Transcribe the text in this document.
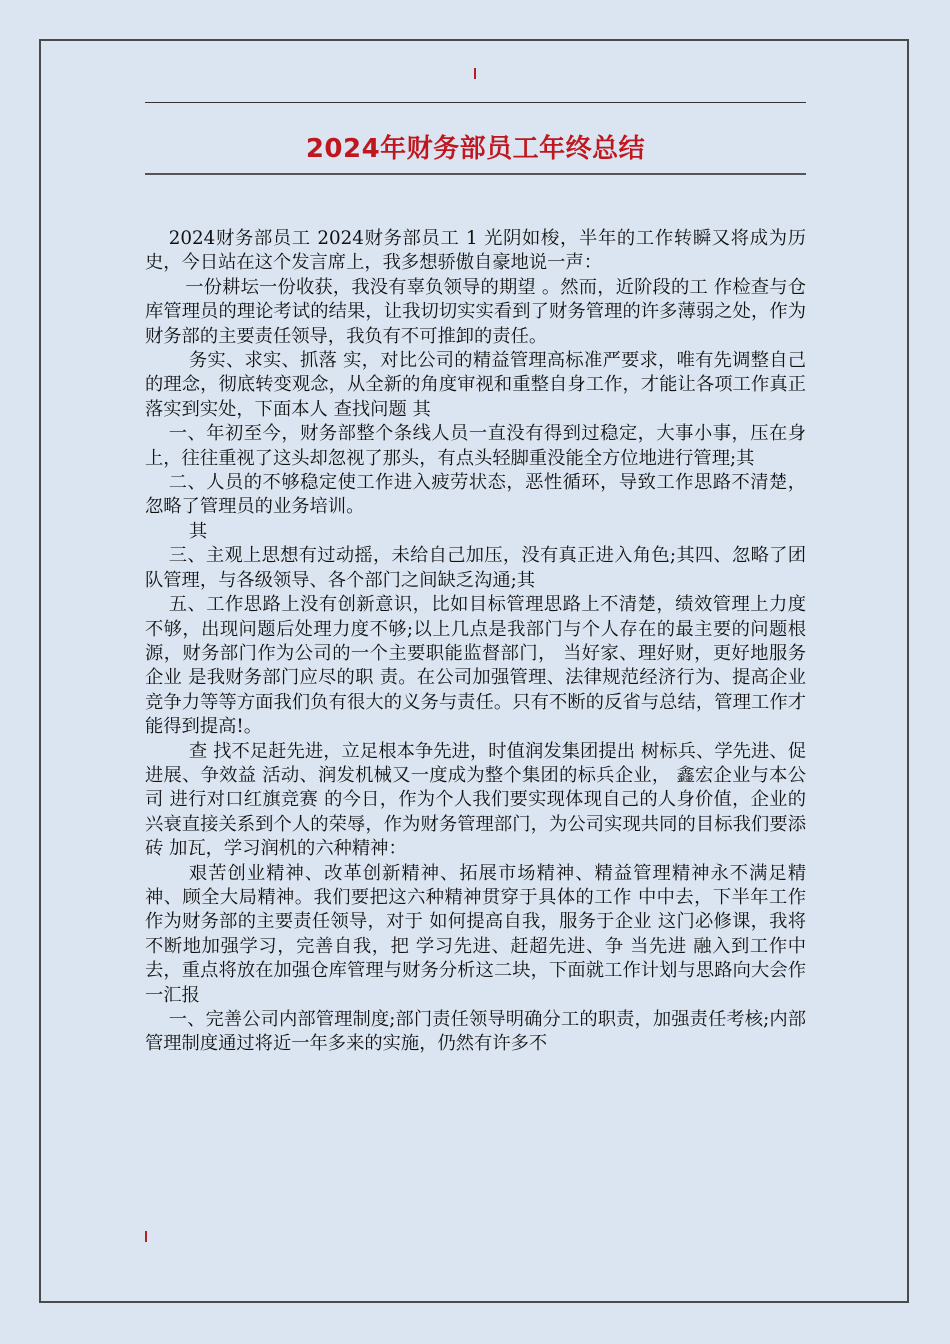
2024年财务部员工年终总结

2024财务部员工 2024财务部员工 1 光阴如梭，半年的工作转瞬又将成为历史，今日站在这个发言席上，我多想骄傲自豪地说一声：

一份耕坛一份收获，我没有辜负领导的期望 。然而，近阶段的工 作检查与仓库管理员的理论考试的结果，让我切切实实看到了财务管理的许多薄弱之处，作为财务部的主要责任领导，我负有不可推卸的责任。

务实、求实、抓落 实，对比公司的精益管理高标准严要求，唯有先调整自己的理念，彻底转变观念，从全新的角度审视和重整自身工作，才能让各项工作真正落实到实处，下面本人 查找问题 其

一、年初至今，财务部整个条线人员一直没有得到过稳定，大事小事，压在身上，往往重视了这头却忽视了那头，有点头轻脚重没能全方位地进行管理;其

二、人员的不够稳定使工作进入疲劳状态，恶性循环，导致工作思路不清楚，忽略了管理员的业务培训。

其

三、主观上思想有过动摇，未给自己加压，没有真正进入角色;其四、忽略了团队管理，与各级领导、各个部门之间缺乏沟通;其

五、工作思路上没有创新意识，比如目标管理思路上不清楚，绩效管理上力度不够，出现问题后处理力度不够;以上几点是我部门与个人存在的最主要的问题根源，财务部门作为公司的一个主要职能监督部门， 当好家、理好财，更好地服务企业 是我财务部门应尽的职 责。在公司加强管理、法律规范经济行为、提高企业竞争力等等方面我们负有很大的义务与责任。只有不断的反省与总结，管理工作才能得到提高!。

查 找不足赶先进，立足根本争先进，时值润发集团提出 树标兵、学先进、促进展、争效益 活动、润发机械又一度成为整个集团的标兵企业， 鑫宏企业与本公司 进行对口红旗竞赛 的今日，作为个人我们要实现体现自己的人身价值，企业的兴衰直接关系到个人的荣辱，作为财务管理部门，为公司实现共同的目标我们要添砖 加瓦，学习润机的六种精神：

艰苦创业精神、改革创新精神、拓展市场精神、精益管理精神永不满足精神、顾全大局精神。我们要把这六种精神贯穿于具体的工作 中中去，下半年工作作为财务部的主要责任领导，对于 如何提高自我，服务于企业 这门必修课，我将不断地加强学习，完善自我，把 学习先进、赶超先进、争 当先进 融入到工作中去，重点将放在加强仓库管理与财务分析这二块，下面就工作计划与思路向大会作一汇报

一、完善公司内部管理制度;部门责任领导明确分工的职责，加强责任考核;内部管理制度通过将近一年多来的实施，仍然有许多不
